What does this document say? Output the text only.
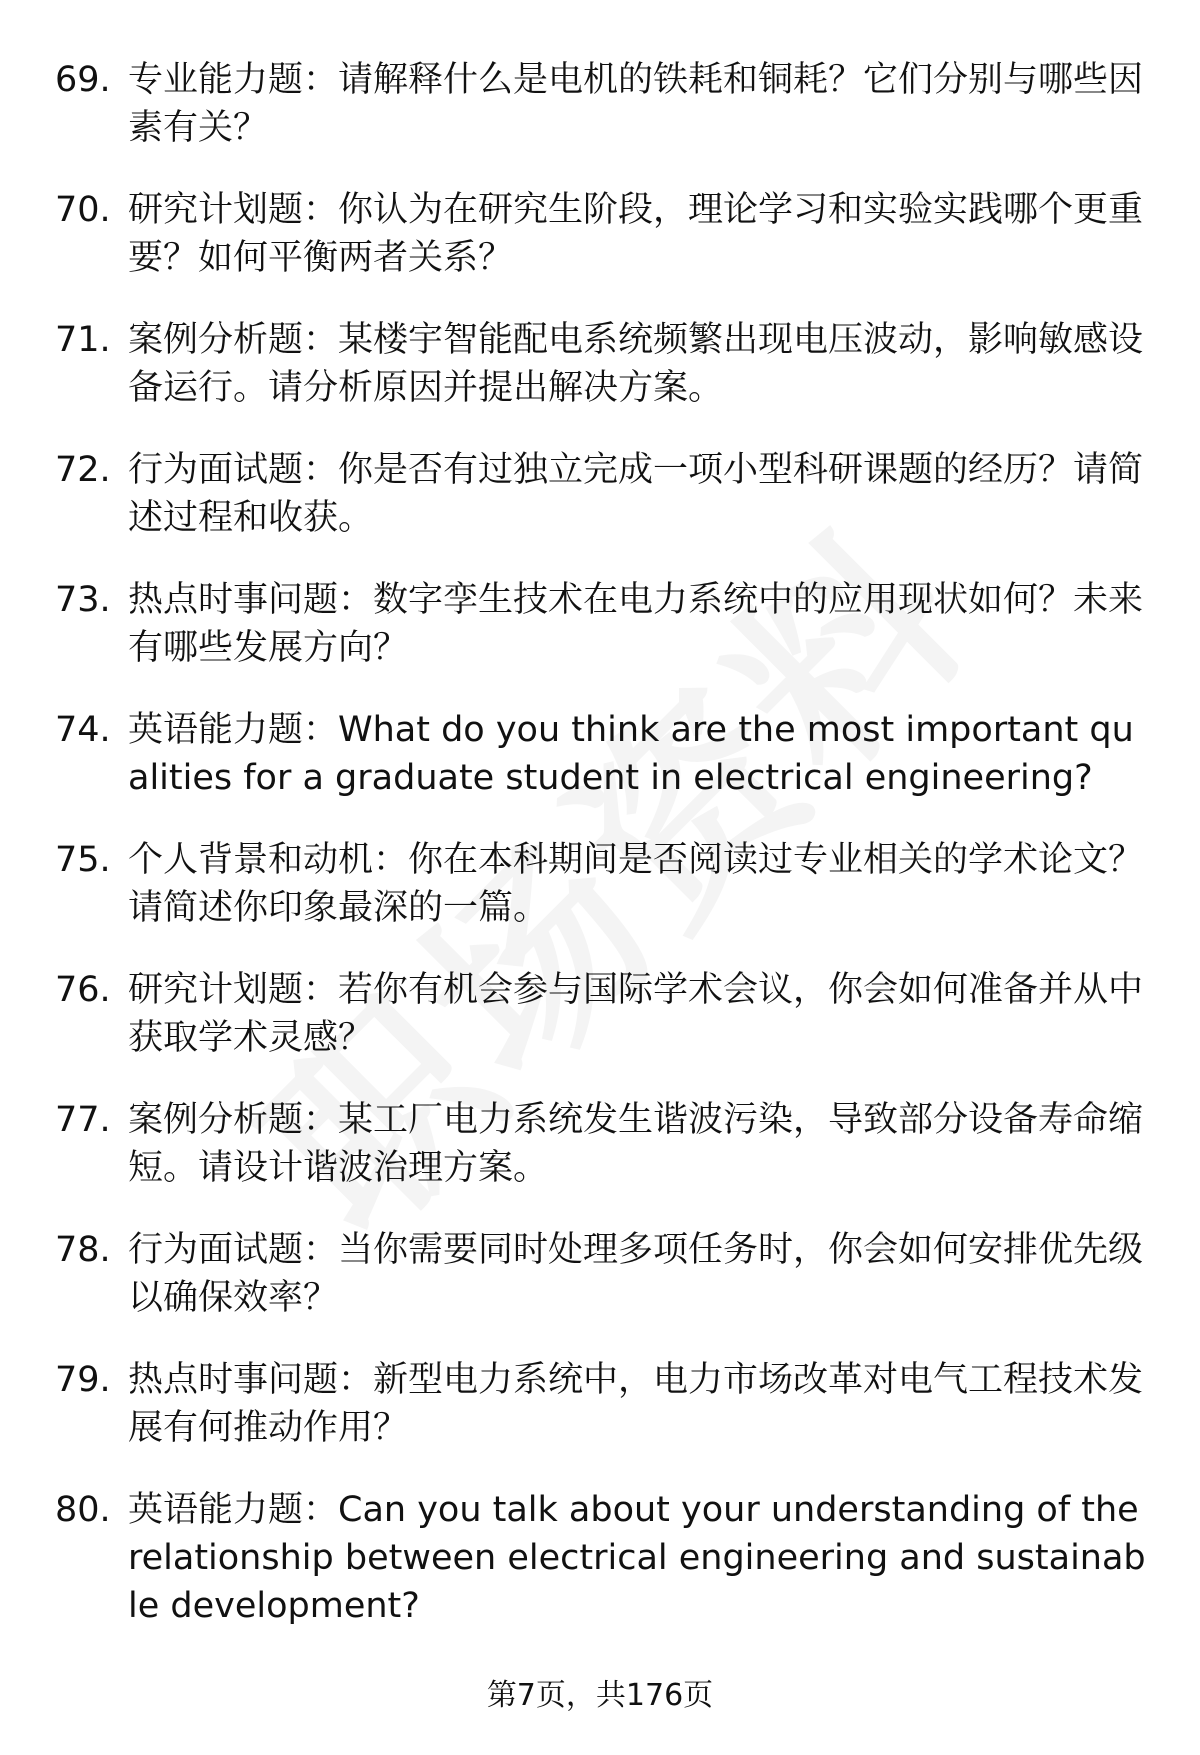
69. 专业能力题：请解释什么是电机的铁耗和铜耗？它们分别与哪些因素有关？
70. 研究计划题：你认为在研究生阶段，理论学习和实验实践哪个更重要？如何平衡两者关系？
71. 案例分析题：某楼宇智能配电系统频繁出现电压波动，影响敏感设备运行。请分析原因并提出解决方案。
72. 行为面试题：你是否有过独立完成一项小型科研课题的经历？请简述过程和收获。
73. 热点时事问题：数字孪生技术在电力系统中的应用现状如何？未来有哪些发展方向？
74. 英语能力题：What do you think are the most important qualities for a graduate student in electrical engineering?
75. 个人背景和动机：你在本科期间是否阅读过专业相关的学术论文？请简述你印象最深的一篇。
76. 研究计划题：若你有机会参与国际学术会议，你会如何准备并从中获取学术灵感？
77. 案例分析题：某工厂电力系统发生谐波污染，导致部分设备寿命缩短。请设计谐波治理方案。
78. 行为面试题：当你需要同时处理多项任务时，你会如何安排优先级以确保效率？
79. 热点时事问题：新型电力系统中，电力市场改革对电气工程技术发展有何推动作用？
80. 英语能力题：Can you talk about your understanding of the relationship between electrical engineering and sustainable development?
第7页，共176页
